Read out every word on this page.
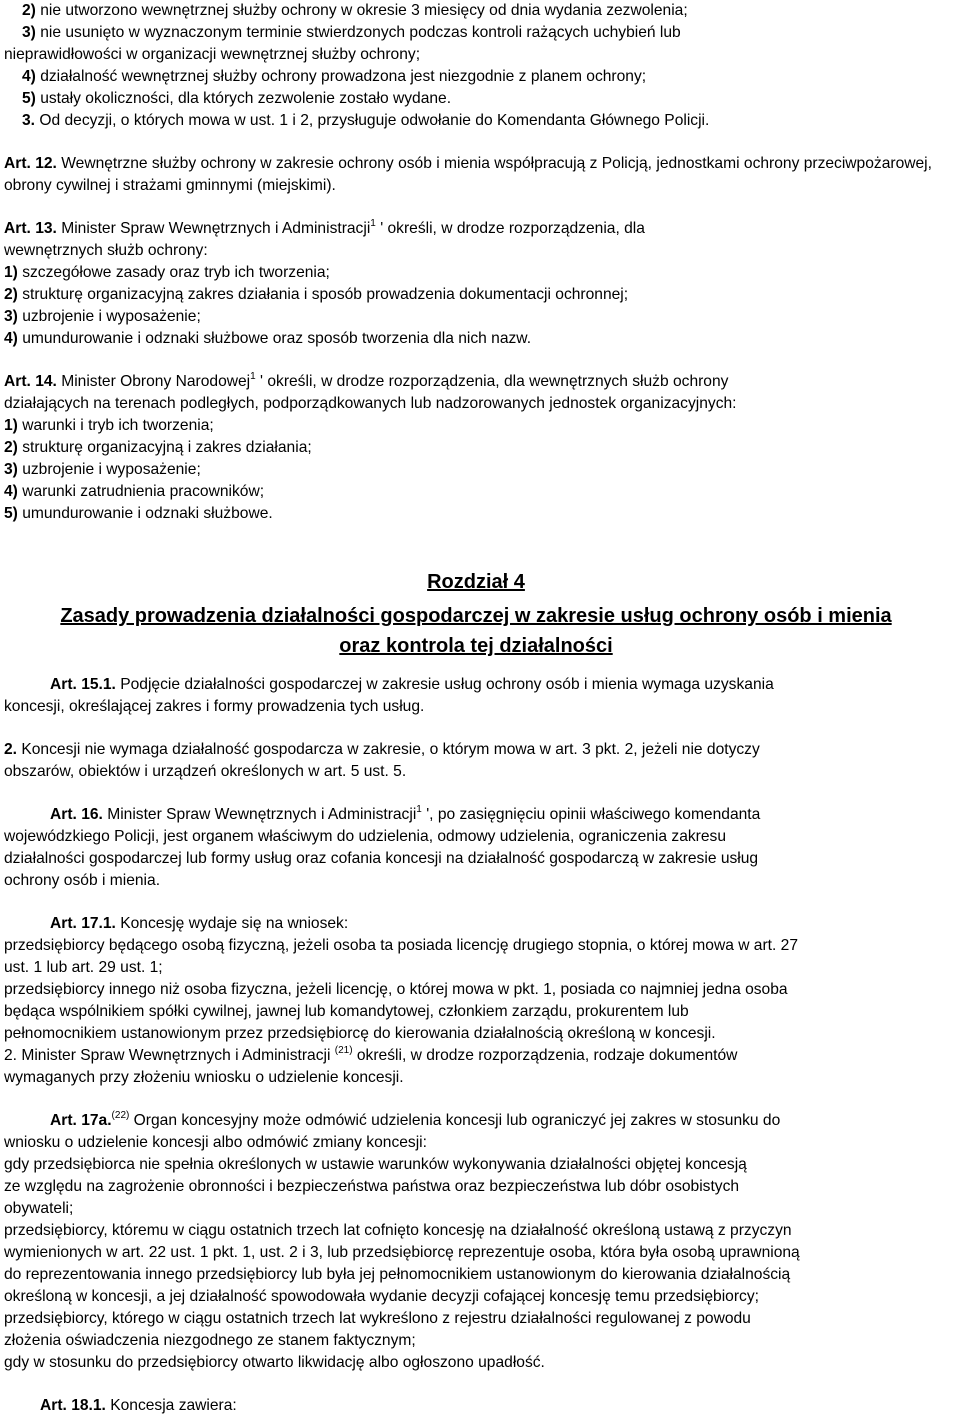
2) nie utworzono wewnętrznej służby ochrony w okresie 3 miesięcy od dnia wydania zezwolenia;

3) nie usunięto w wyznaczonym terminie stwierdzonych podczas kontroli rażących uchybień lub

nieprawidłowości w organizacji wewnętrznej służby ochrony;

4) działalność wewnętrznej służby ochrony prowadzona jest niezgodnie z planem ochrony;

5) ustały okoliczności, dla których zezwolenie zostało wydane.

3. Od decyzji, o których mowa w ust. 1 i 2, przysługuje odwołanie do Komendanta Głównego Policji.

Art. 12. Wewnętrzne służby ochrony w zakresie ochrony osób i mienia współpracują z Policją, jednostkami ochrony przeciwpożarowej, obrony cywilnej i strażami gminnymi (miejskimi).

Art. 13. Minister Spraw Wewnętrznych i Administracji$^1$ ' określi, w drodze rozporządzenia, dla

wewnętrznych służb ochrony:

1) szczegółowe zasady oraz tryb ich tworzenia;

2) strukturę organizacyjną zakres działania i sposób prowadzenia dokumentacji ochronnej;

3) uzbrojenie i wyposażenie;

4) umundurowanie i odznaki służbowe oraz sposób tworzenia dla nich nazw.

Art. 14. Minister Obrony Narodowej$^1$ ' określi, w drodze rozporządzenia, dla wewnętrznych służb ochrony

działających na terenach podległych, podporządkowanych lub nadzorowanych jednostek organizacyjnych:

1) warunki i tryb ich tworzenia;

2) strukturę organizacyjną i zakres działania;

3) uzbrojenie i wyposażenie;

4) warunki zatrudnienia pracowników;

5) umundurowanie i odznaki służbowe.

Rozdział 4

Zasady prowadzenia działalności gospodarczej w zakresie usług ochrony osób i mienia

oraz kontrola tej działalności

Art. 15.1. Podjęcie działalności gospodarczej w zakresie usług ochrony osób i mienia wymaga uzyskania

koncesji, określającej zakres i formy prowadzenia tych usług.

2. Koncesji nie wymaga działalność gospodarcza w zakresie, o którym mowa w art. 3 pkt. 2, jeżeli nie dotyczy

obszarów, obiektów i urządzeń określonych w art. 5 ust. 5.

Art. 16. Minister Spraw Wewnętrznych i Administracji$^1$ ', po zasięgnięciu opinii właściwego komendanta

wojewódzkiego Policji, jest organem właściwym do udzielenia, odmowy udzielenia, ograniczenia zakresu

działalności gospodarczej lub formy usług oraz cofania koncesji na działalność gospodarczą w zakresie usług

ochrony osób i mienia.

Art. 17.1. Koncesję wydaje się na wniosek:

przedsiębiorcy będącego osobą fizyczną, jeżeli osoba ta posiada licencję drugiego stopnia, o której mowa w art. 27

ust. 1 lub art. 29 ust. 1;

przedsiębiorcy innego niż osoba fizyczna, jeżeli licencję, o której mowa w pkt. 1, posiada co najmniej jedna osoba

będąca wspólnikiem spółki cywilnej, jawnej lub komandytowej, członkiem zarządu, prokurentem lub

pełnomocnikiem ustanowionym przez przedsiębiorcę do kierowania działalnością określoną w koncesji.

2. Minister Spraw Wewnętrznych i Administracji $^{(21)}$ określi, w drodze rozporządzenia, rodzaje dokumentów

wymaganych przy złożeniu wniosku o udzielenie koncesji.

Art. 17a.$^{(22)}$ Organ koncesyjny może odmówić udzielenia koncesji lub ograniczyć jej zakres w stosunku do

wniosku o udzielenie koncesji albo odmówić zmiany koncesji:

gdy przedsiębiorca nie spełnia określonych w ustawie warunków wykonywania działalności objętej koncesją

ze względu na zagrożenie obronności i bezpieczeństwa państwa oraz bezpieczeństwa lub dóbr osobistych

obywateli;

przedsiębiorcy, któremu w ciągu ostatnich trzech lat cofnięto koncesję na działalność określoną ustawą z przyczyn

wymienionych w art. 22 ust. 1 pkt. 1, ust. 2 i 3, lub przedsiębiorcę reprezentuje osoba, która była osobą uprawnioną

do reprezentowania innego przedsiębiorcy lub była jej pełnomocnikiem ustanowionym do kierowania działalnością

określoną w koncesji, a jej działalność spowodowała wydanie decyzji cofającej koncesję temu przedsiębiorcy;

przedsiębiorcy, którego w ciągu ostatnich trzech lat wykreślono z rejestru działalności regulowanej z powodu

złożenia oświadczenia niezgodnego ze stanem faktycznym;

gdy w stosunku do przedsiębiorcy otwarto likwidację albo ogłoszono upadłość.

Art. 18.1. Koncesja zawiera:
